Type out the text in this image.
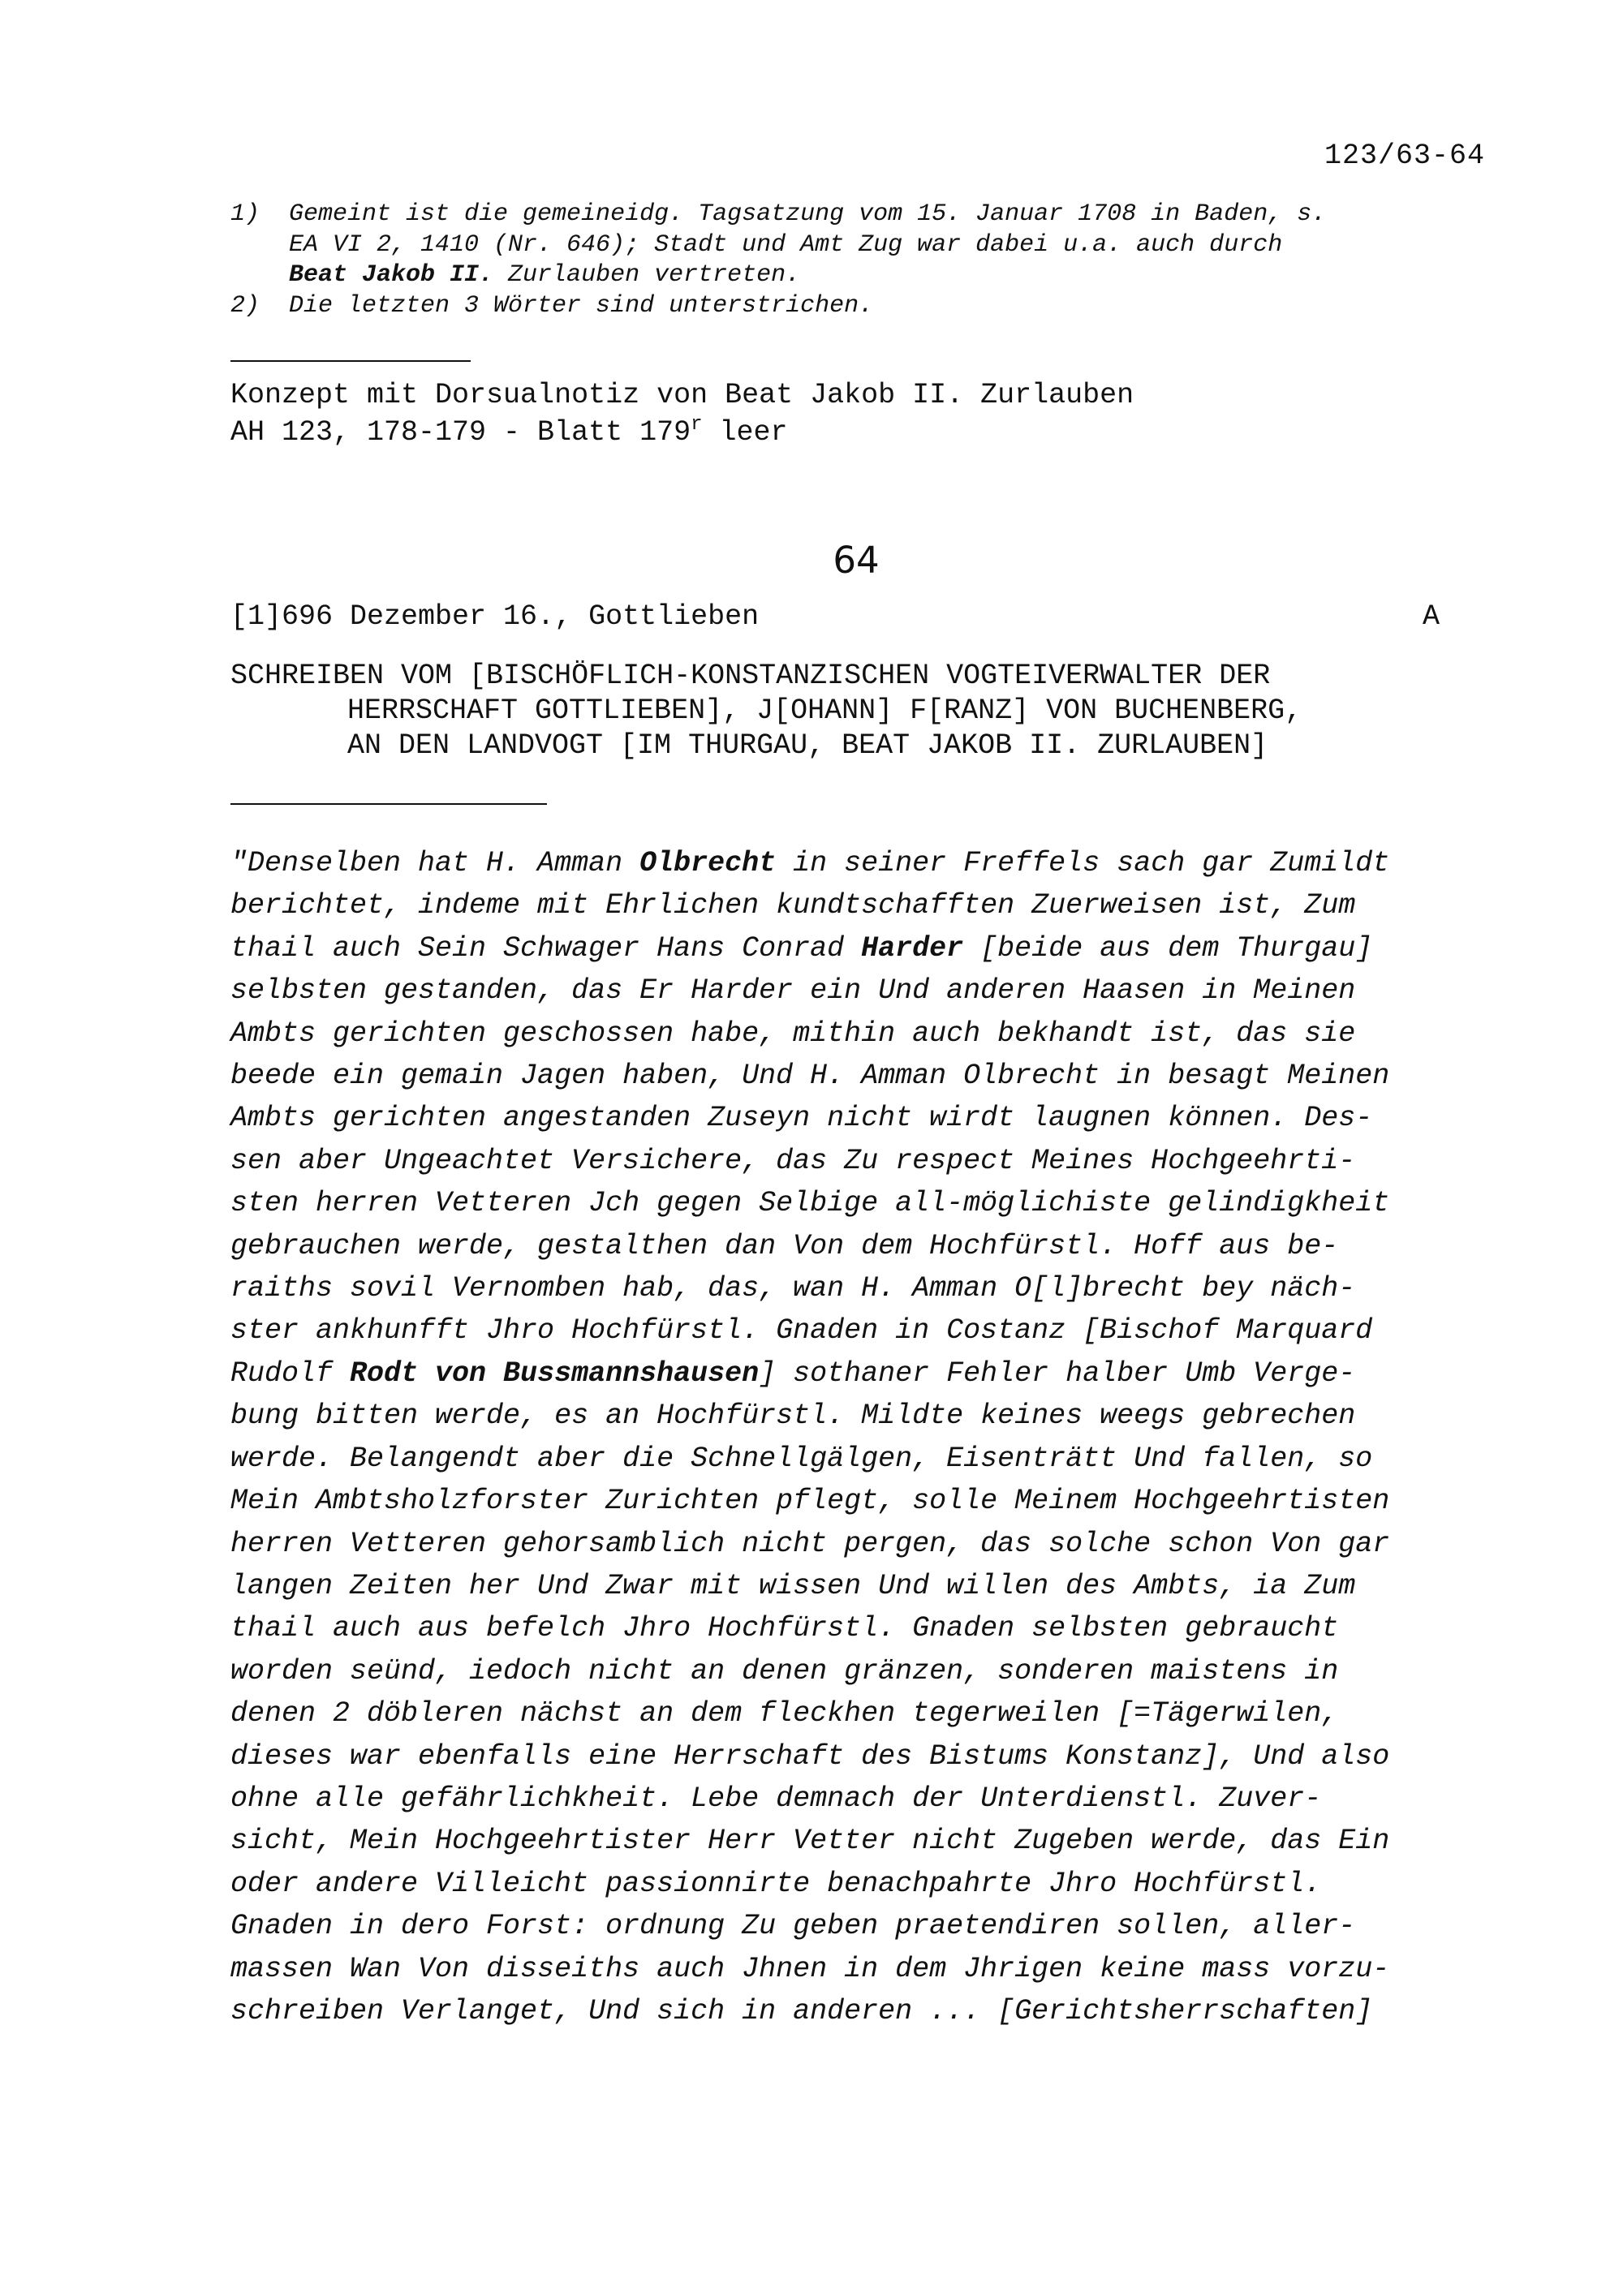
123/63-64
1) Gemeint ist die gemeineidg. Tagsatzung vom 15. Januar 1708 in Baden, s.
EA VI 2, 1410 (Nr. 646); Stadt und Amt Zug war dabei u.a. auch durch
Beat Jakob II. Zurlauben vertreten.
2) Die letzten 3 Wörter sind unterstrichen.
Konzept mit Dorsualnotiz von Beat Jakob II. Zurlauben
AH 123, 178-179 - Blatt 179$^r$ leer
64
[1]696 Dezember 16., Gottlieben	A
SCHREIBEN VOM [BISCHÖFLICH-KONSTANZISCHEN VOGTEIVERWALTER DER
HERRSCHAFT GOTTLIEBEN], J[OHANN] F[RANZ] VON BUCHENBERG,
AN DEN LANDVOGT [IM THURGAU, BEAT JAKOB II. ZURLAUBEN]
"Denselben hat H. Amman Olbrecht in seiner Freffels sach gar Zumildt
berichtet, indeme mit Ehrlichen kundtschafften Zuerweisen ist, Zum
thail auch Sein Schwager Hans Conrad Harder [beide aus dem Thurgau]
selbsten gestanden, das Er Harder ein Und anderen Haasen in Meinen
Ambts gerichten geschossen habe, mithin auch bekhandt ist, das sie
beede ein gemain Jagen haben, Und H. Amman Olbrecht in besagt Meinen
Ambts gerichten angestanden Zuseyn nicht wirdt laugnen können. Des-
sen aber Ungeachtet Versichere, das Zu respect Meines Hochgeehrti-
sten herren Vetteren Jch gegen Selbige all-möglichiste gelindigkheit
gebrauchen werde, gestalthen dan Von dem Hochfürstl. Hoff aus be-
raiths sovil Vernomben hab, das, wan H. Amman O[l]brecht bey näch-
ster ankhunfft Jhro Hochfürstl. Gnaden in Costanz [Bischof Marquard
Rudolf Rodt von Bussmannshausen] sothaner Fehler halber Umb Verge-
bung bitten werde, es an Hochfürstl. Mildte keines weegs gebrechen
werde. Belangendt aber die Schnellgälgen, Eisenträtt Und fallen, so
Mein Ambtsholzforster Zurichten pflegt, solle Meinem Hochgeehrtisten
herren Vetteren gehorsamblich nicht pergen, das solche schon Von gar
langen Zeiten her Und Zwar mit wissen Und willen des Ambts, ia Zum
thail auch aus befelch Jhro Hochfürstl. Gnaden selbsten gebraucht
worden seünd, iedoch nicht an denen gränzen, sonderen maistens in
denen 2 döbleren nächst an dem fleckhen tegerweilen [=Tägerwilen,
dieses war ebenfalls eine Herrschaft des Bistums Konstanz], Und also
ohne alle gefährlichkheit. Lebe demnach der Unterdienstl. Zuver-
sicht, Mein Hochgeehrtister Herr Vetter nicht Zugeben werde, das Ein
oder andere Villeicht passionnirte benachpahrte Jhro Hochfürstl.
Gnaden in dero Forst: ordnung Zu geben praetendiren sollen, aller-
massen Wan Von disseiths auch Jhnen in dem Jhrigen keine mass vorzu-
schreiben Verlanget, Und sich in anderen ... [Gerichtsherrschaften]
